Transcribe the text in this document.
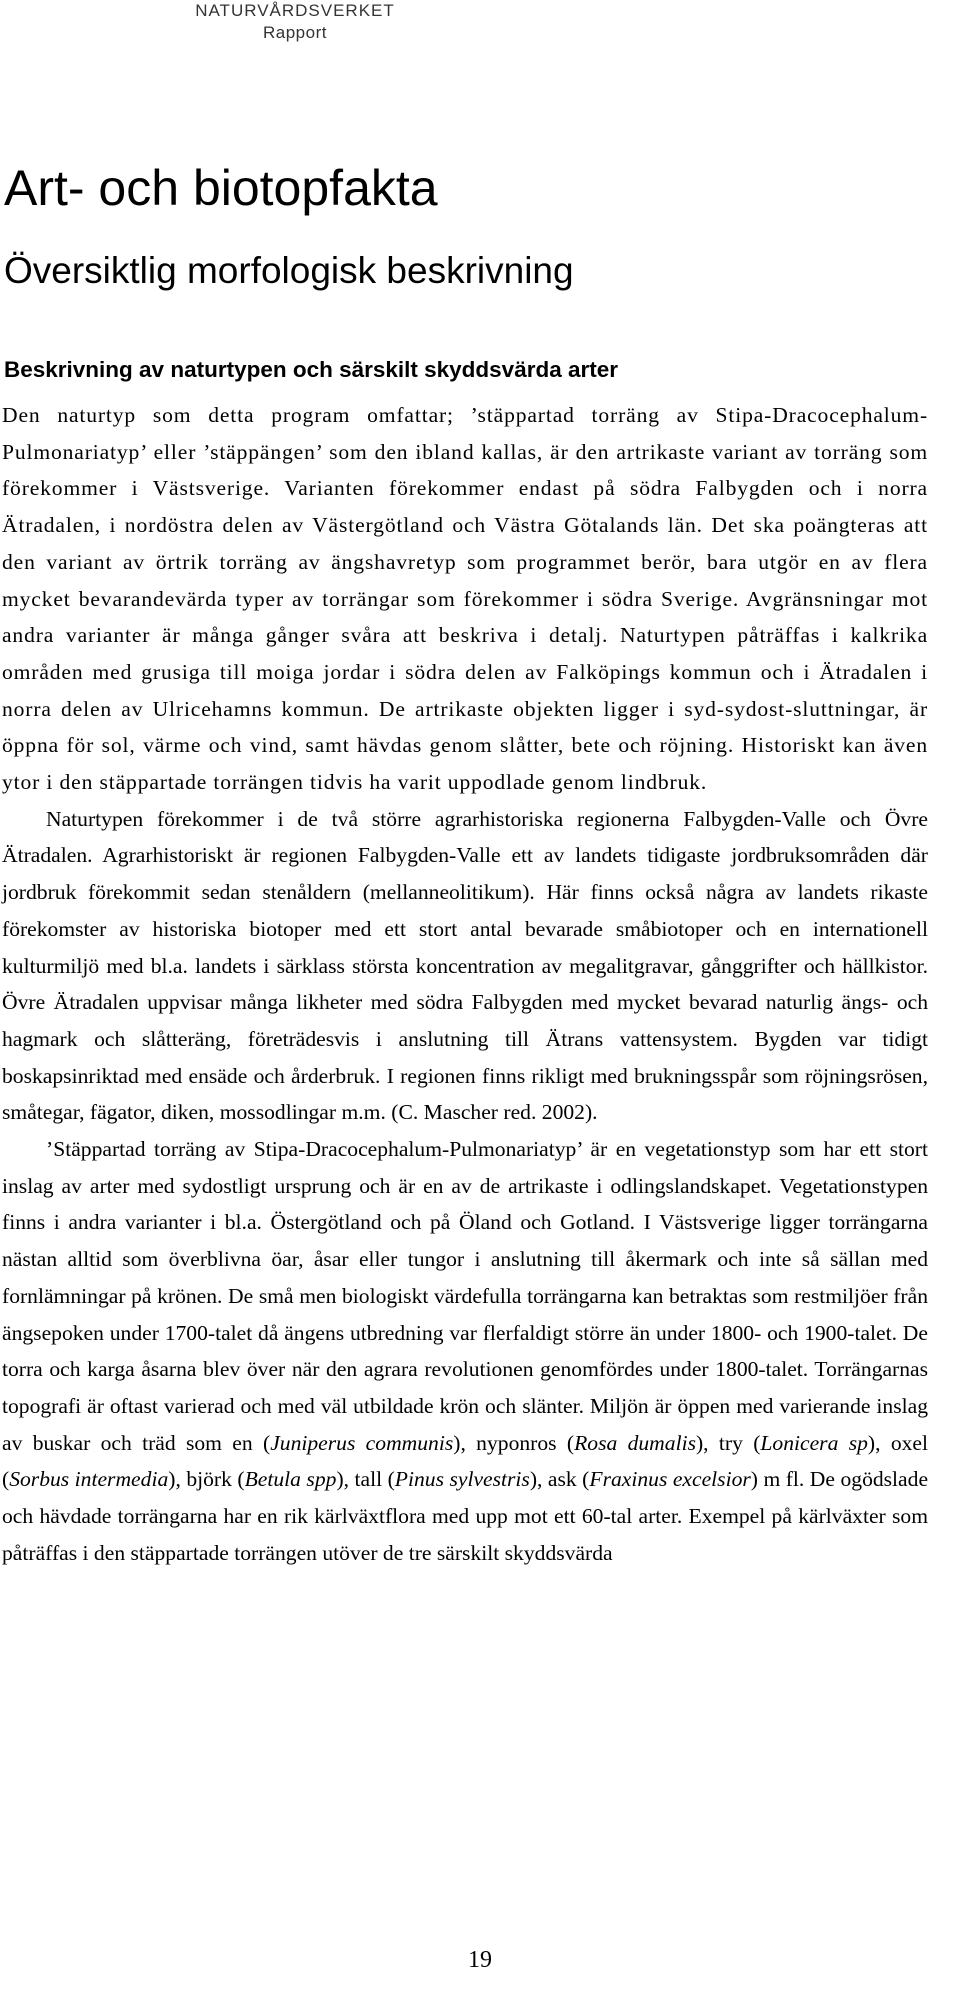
NATURVÅRDSVERKET
Rapport
Art- och biotopfakta
Översiktlig morfologisk beskrivning
Beskrivning av naturtypen och särskilt skyddsvärda arter

Den naturtyp som detta program omfattar; ’stäppartad torräng av Stipa-Dracocephalum-Pulmonariatyp’ eller ’stäppängen’ som den ibland kallas, är den artrikaste variant av torräng som förekommer i Västsverige. Varianten förekommer endast på södra Falbygden och i norra Ätradalen, i nordöstra delen av Västergötland och Västra Götalands län. Det ska poängteras att den variant av örtrik torräng av ängshavretyp som programmet berör, bara utgör en av flera mycket bevarandevärda typer av torrängar som förekommer i södra Sverige. Avgränsningar mot andra varianter är många gånger svåra att beskriva i detalj. Naturtypen påträffas i kalkrika områden med grusiga till moiga jordar i södra delen av Falköpings kommun och i Ätradalen i norra delen av Ulricehamns kommun. De artrikaste objekten ligger i syd-sydost-sluttningar, är öppna för sol, värme och vind, samt hävdas genom slåtter, bete och röjning. Historiskt kan även ytor i den stäppartade torrängen tidvis ha varit uppodlade genom lindbruk.

Naturtypen förekommer i de två större agrarhistoriska regionerna Falbygden-Valle och Övre Ätradalen. Agrarhistoriskt är regionen Falbygden-Valle ett av landets tidigaste jordbruksområden där jordbruk förekommit sedan stenåldern (mellanneolitikum). Här finns också några av landets rikaste förekomster av historiska biotoper med ett stort antal bevarade småbiotoper och en internationell kulturmiljö med bl.a. landets i särklass största koncentration av megalitgravar, gånggrifter och hällkistor. Övre Ätradalen uppvisar många likheter med södra Falbygden med mycket bevarad naturlig ängs- och hagmark och slåtteräng, företrädesvis i anslutning till Ätrans vattensystem. Bygden var tidigt boskapsinriktad med ensäde och årderbruk. I regionen finns rikligt med brukningsspår som röjningsrösen, småtegar, fägator, diken, mossodlingar m.m. (C. Mascher red. 2002).

’Stäppartad torräng av Stipa-Dracocephalum-Pulmonariatyp’ är en vegetationstyp som har ett stort inslag av arter med sydostligt ursprung och är en av de artrikaste i odlingslandskapet. Vegetationstypen finns i andra varianter i bl.a. Östergötland och på Öland och Gotland. I Västsverige ligger torrängarna nästan alltid som överblivna öar, åsar eller tungor i anslutning till åkermark och inte så sällan med fornlämningar på krönen. De små men biologiskt värdefulla torrängarna kan betraktas som restmiljöer från ängsepoken under 1700-talet då ängens utbredning var flerfaldigt större än under 1800- och 1900-talet. De torra och karga åsarna blev över när den agrara revolutionen genomfördes under 1800-talet. Torrängarnas topografi är oftast varierad och med väl utbildade krön och slänter. Miljön är öppen med varierande inslag av buskar och träd som en (Juniperus communis), nyponros (Rosa dumalis), try (Lonicera sp), oxel (Sorbus intermedia), björk (Betula spp), tall (Pinus sylvestris), ask (Fraxinus excelsior) m fl. De ogödslade och hävdade torrängarna har en rik kärlväxtflora med upp mot ett 60-tal arter. Exempel på kärlväxter som påträffas i den stäppartade torrängen utöver de tre särskilt skyddsvärda

19
